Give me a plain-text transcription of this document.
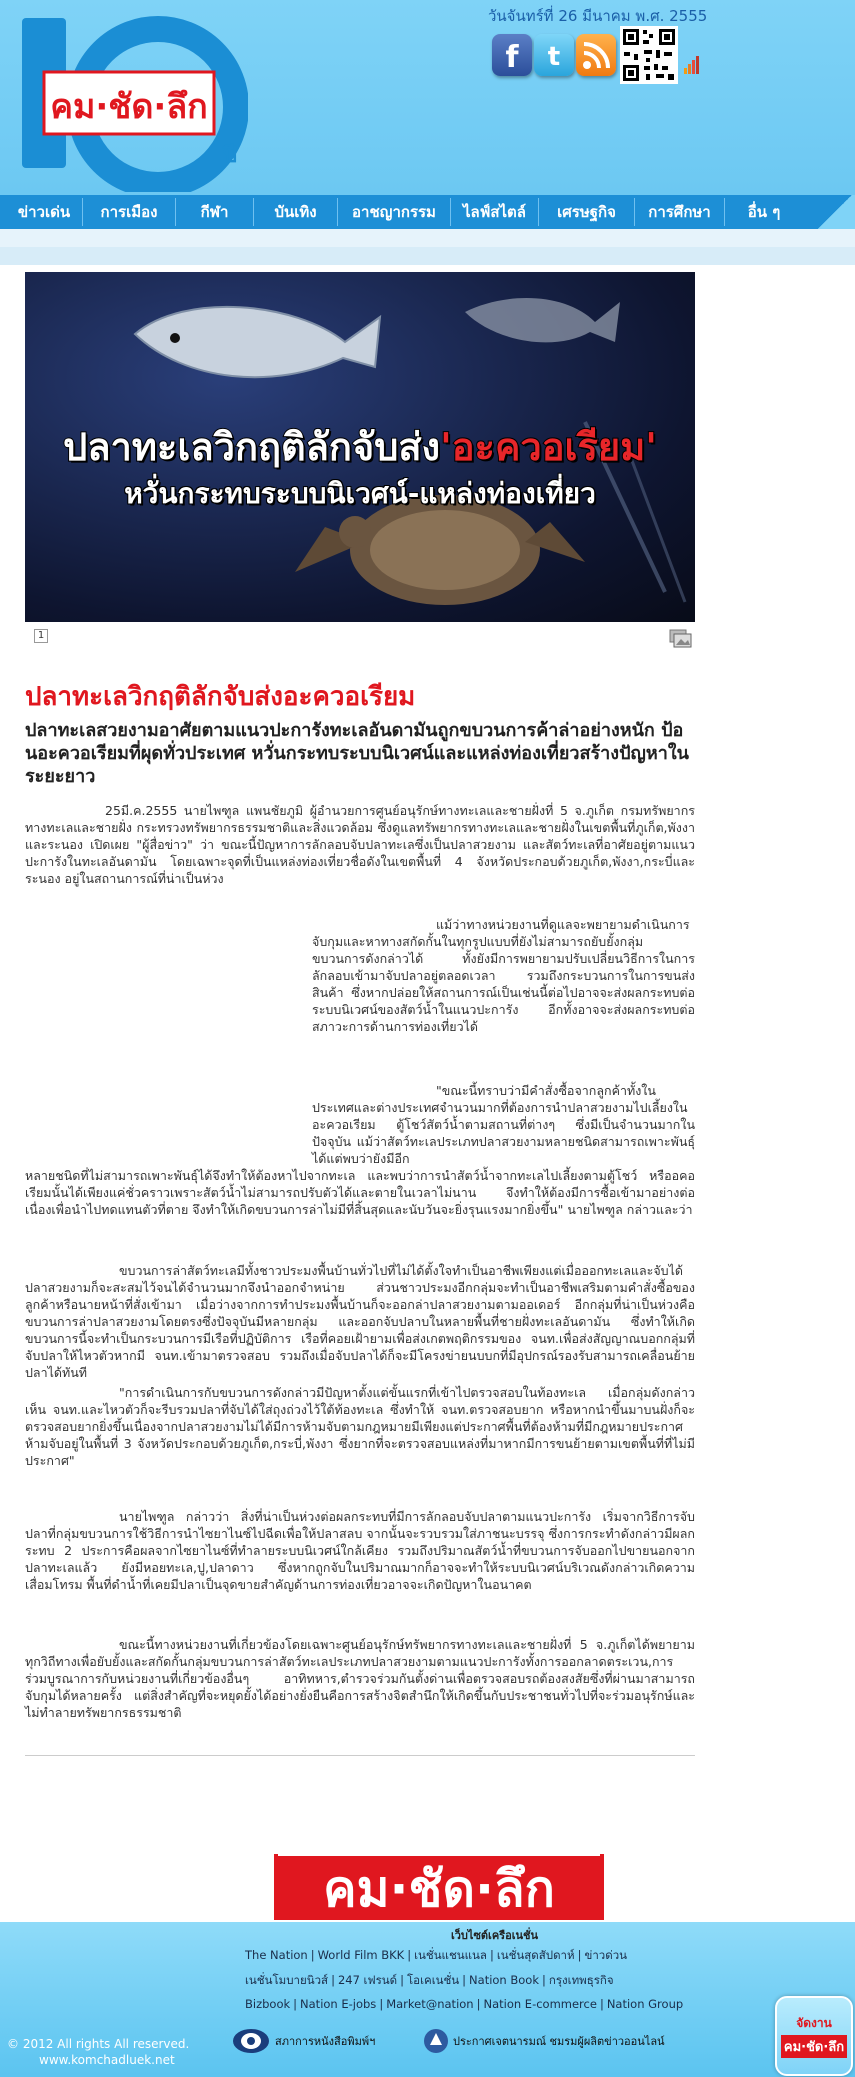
คม·ชัด·ลึก
ปี
วันจันทร์ที่ 26 มีนาคม พ.ศ. 2555
f t
ข่าวเด่น	การเมือง	กีฬา	บันเทิง	อาชญากรรม	ไลฟ์สไตล์	เศรษฐกิจ	การศึกษา	อื่น ๆ
ปลาทะเลวิกฤติลักจับส่ง'อะควอเรียม'
หวั่นกระทบระบบนิเวศน์-แหล่งท่องเที่ยว
1
ปลาทะเลวิกฤติลักจับส่งอะควอเรียม
ปลาทะเลสวยงามอาศัยตามแนวปะการังทะเลอันดามันถูกขบวนการค้าล่าอย่างหนัก ป้อนอะควอเรียมที่ผุดทั่วประเทศ หวั่นกระทบระบบนิเวศน์และแหล่งท่องเที่ยวสร้างปัญหาในระยะยาว

25มี.ค.2555 นายไพฑูล แพนชัยภูมิ ผู้อำนวยการศูนย์อนุรักษ์ทางทะเลและชายฝั่งที่ 5 จ.ภูเก็ต กรมทรัพยากรทางทะเลและชายฝั่ง กระทรวงทรัพยากรธรรมชาติและสิ่งแวดล้อม ซึ่งดูแลทรัพยากรทางทะเลและชายฝั่งในเขตพื้นที่ภูเก็ต,พังงา และระนอง เปิดเผย "ผู้สื่อข่าว" ว่า ขณะนี้ปัญหาการลักลอบจับปลาทะเลซึ่งเป็นปลาสวยงาม และสัตว์ทะเลที่อาศัยอยู่ตามแนวปะการังในทะเลอันดามัน โดยเฉพาะจุดที่เป็นแหล่งท่องเที่ยวชื่อดังในเขตพื้นที่ 4 จังหวัดประกอบด้วยภูเก็ต,พังงา,กระบี่และระนอง อยู่ในสถานการณ์ที่น่าเป็นห่วง

แม้ว่าทางหน่วยงานที่ดูแลจะพยายามดำเนินการจับกุมและหาทางสกัดกั้นในทุกรูปแบบที่ยังไม่สามารถยับยั้งกลุ่มขบวนการดังกล่าวได้ ทั้งยังมีการพยายามปรับเปลี่ยนวิธีการในการลักลอบเข้ามาจับปลาอยู่ตลอดเวลา รวมถึงกระบวนการในการขนส่งสินค้า ซึ่งหากปล่อยให้สถานการณ์เป็นเช่นนี้ต่อไปอาจจะส่งผลกระทบต่อระบบนิเวศน์ของสัตว์น้ำในแนวปะการัง อีกทั้งอาจจะส่งผลกระทบต่อสภาวะการด้านการท่องเที่ยวได้

"ขณะนี้ทราบว่ามีคำสั่งซื้อจากลูกค้าทั้งในประเทศและต่างประเทศจำนวนมากที่ต้องการนำปลาสวยงามไปเลี้ยงในอะควอเรียม ตู้โชว์สัตว์น้ำตามสถานที่ต่างๆ ซึ่งมีเป็นจำนวนมากในปัจจุบัน แม้ว่าสัตว์ทะเลประเภทปลาสวยงามหลายชนิดสามารถเพาะพันธุ์ได้แต่พบว่ายังมีอีก

หลายชนิดที่ไม่สามารถเพาะพันธุ์ได้จึงทำให้ต้องหาไปจากทะเล และพบว่าการนำสัตว์น้ำจากทะเลไปเลี้ยงตามตู้โชว์ หรืออคอเรียมนั้นได้เพียงแค่ชั่วคราวเพราะสัตว์น้ำไม่สามารถปรับตัวได้และตายในเวลาไม่นาน จึงทำให้ต้องมีการซื้อเข้ามาอย่างต่อเนื่องเพื่อนำไปทดแทนตัวที่ตาย จึงทำให้เกิดขบวนการล่าไม่มีที่สิ้นสุดและนับวันจะยิ่งรุนแรงมากยิ่งขึ้น" นายไพฑูล กล่าวและว่า

ขบวนการล่าสัตว์ทะเลมีทั้งชาวประมงพื้นบ้านทั่วไปที่ไม่ได้ตั้งใจทำเป็นอาชีพเพียงแต่เมื่อออกทะเลและจับได้ปลาสวยงามก็จะสะสมไว้จนได้จำนวนมากจึงนำออกจำหน่าย ส่วนชาวประมงอีกกลุ่มจะทำเป็นอาชีพเสริมตามคำสั่งซื้อของลูกค้าหรือนายหน้าที่สั่งเข้ามา เมื่อว่างจากการทำประมงพื้นบ้านก็จะออกล่าปลาสวยงามตามออเดอร์ อีกกลุ่มที่น่าเป็นห่วงคือขบวนการล่าปลาสวยงามโดยตรงซึ่งปัจจุบันมีหลายกลุ่ม และออกจับปลาบในหลายพื้นที่ชายฝั่งทะเลอันดามัน ซึ่งทำให้เกิดขบวนการนี้จะทำเป็นกระบวนการมีเรือที่ปฏิบัติการ เรือที่คอยเฝ้ายามเพื่อส่งเกตพฤติกรรมของ จนท.เพื่อส่งสัญญาณบอกกลุ่มที่จับปลาให้ไหวตัวหากมี จนท.เข้ามาตรวจสอบ รวมถึงเมื่อจับปลาได้ก็จะมีโครงข่ายนบบกที่มีอุปกรณ์รองรับสามารถเคลื่อนย้ายปลาได้ทันที

"การดำเนินการกับขบวนการดังกล่าวมีปัญหาตั้งแต่ขั้นแรกที่เข้าไปตรวจสอบในท้องทะเล เมื่อกลุ่มดังกล่าวเห็น จนท.และไหวตัวก็จะรีบรวมปลาที่จับได้ใส่ถุงถ่วงไว้ใต้ท้องทะเล ซึ่งทำให้ จนท.ตรวจสอบยาก หรือหากนำขึ้นมาบนฝั่งก็จะตรวจสอบยากยิ่งขึ้นเนื่องจากปลาสวยงามไม่ได้มีการห้ามจับตามกฎหมายมีเพียงแต่ประกาศพื้นที่ต้องห้ามที่มีกฎหมายประกาศห้ามจับอยู่ในพื้นที่ 3 จังหวัดประกอบด้วยภูเก็ต,กระบี่,พังงา ซึ่งยากที่จะตรวจสอบแหล่งที่มาหากมีการขนย้ายตามเขตพื้นที่ที่ไม่มีประกาศ"

นายไพฑูล กล่าวว่า สิ่งที่น่าเป็นห่วงต่อผลกระทบที่มีการลักลอบจับปลาตามแนวปะการัง เริ่มจากวิธีการจับปลาที่กลุ่มขบวนการใช้วิธีการนำไซยาไนซ์ไปฉีดเพื่อให้ปลาสลบ จากนั้นจะรวบรวมใส่ภาชนะบรรจุ ซึ่งการกระทำดังกล่าวมีผลกระทบ 2 ประการคือผลจากไซยาไนซ์ที่ทำลายระบบนิเวศน์ใกล้เคียง รวมถึงปริมาณสัตว์น้ำที่ขบวนการจับออกไปขายนอกจากปลาทะเลแล้ว ยังมีหอยทะเล,ปู,ปลาดาว ซึ่งหากถูกจับในปริมาณมากก็อาจจะทำให้ระบบนิเวศน์บริเวณดังกล่าวเกิดความเสื่อมโทรม พื้นที่ดำน้ำที่เคยมีปลาเป็นจุดขายสำคัญด้านการท่องเที่ยวอาจจะเกิดปัญหาในอนาคต

ขณะนี้ทางหน่วยงานที่เกี่ยวข้องโดยเฉพาะศูนย์อนุรักษ์ทรัพยากรทางทะเลและชายฝั่งที่ 5 จ.ภูเก็ตได้พยายามทุกวิถีทางเพื่อยับยั้งและสกัดกั้นกลุ่มขบวนการล่าสัตว์ทะเลประเภทปลาสวยงามตามแนวปะการังทั้งการออกลาดตระเวน,การร่วมบูรณาการกับหน่วยงานที่เกี่ยวข้องอื่นๆ อาทิทหาร,ตำรวจร่วมกันตั้งด่านเพื่อตรวจสอบรถต้องสงสัยซึ่งที่ผ่านมาสามารถจับกุมได้หลายครั้ง แต่สิ่งสำคัญที่จะหยุดยั้งได้อย่างยั่งยืนคือการสร้างจิตสำนึกให้เกิดขึ้นกับประชาชนทั่วไปที่จะร่วมอนุรักษ์และไม่ทำลายทรัพยากรธรรมชาติ

คม·ชัด·ลึก
เว็บไซต์เครือเนชั่น
The Nation | World Film BKK | เนชั่นแชนแนล | เนชั่นสุดสัปดาห์ | ข่าวด่วน
เนชั่นโมบายนิวส์ | 247 เฟรนด์ | โอเคเนชั่น | Nation Book | กรุงเทพธุรกิจ
Bizbook | Nation E-jobs | Market@nation | Nation E-commerce | Nation Group
© 2012 All rights All reserved.
www.komchadluek.net
สภาการหนังสือพิมพ์ฯ	ประกาศเจตนารมณ์ ชมรมผู้ผลิตข่าวออนไลน์
จัดงาน
คม·ชัด·ลึก
